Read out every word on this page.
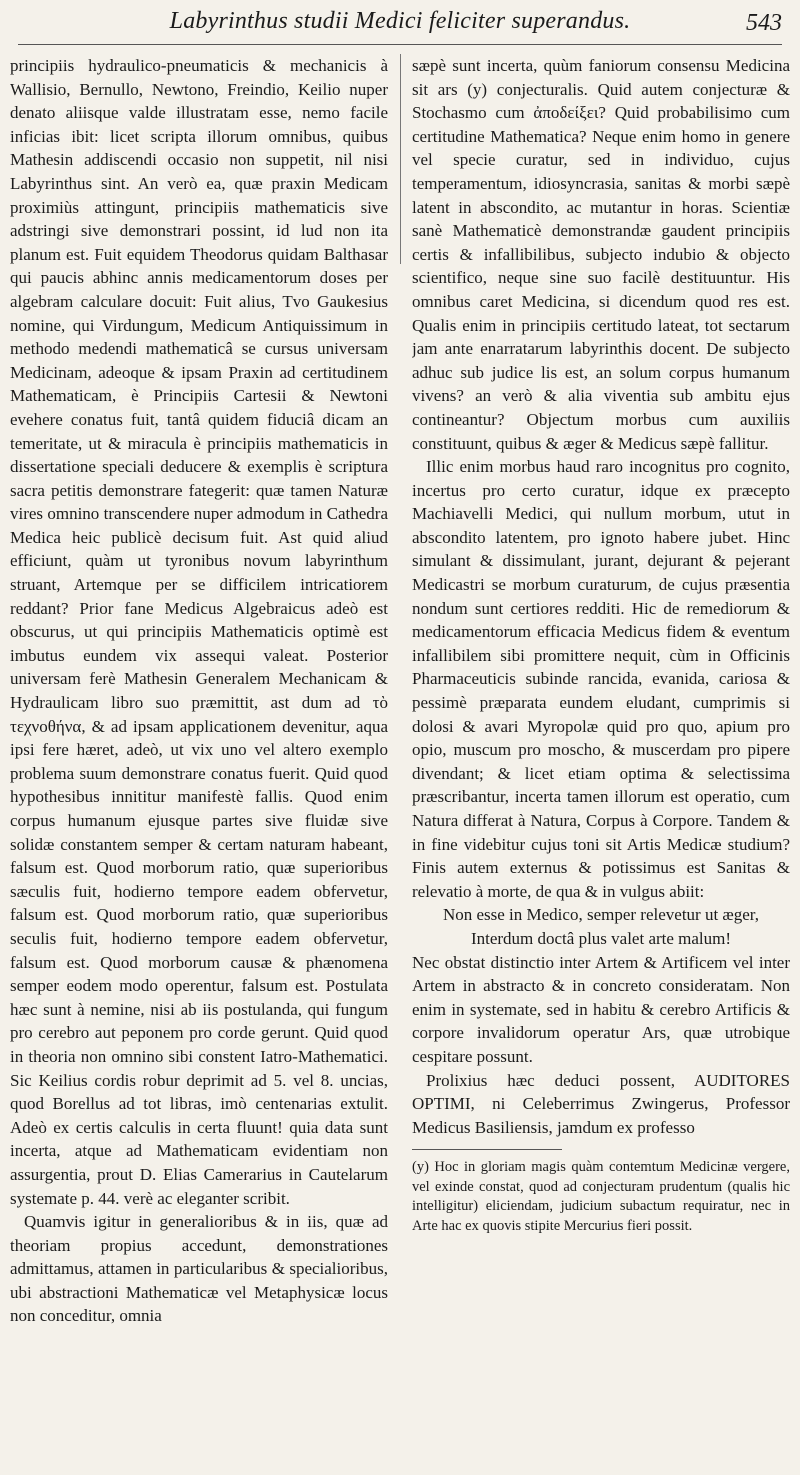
Labyrinthus studii Medici feliciter superandus.	543

principiis hydraulico-pneumaticis & mechanicis à Wallisio, Bernullo, Newtono, Freindio, Keilio nuper denato aliisque valde illustratam esse, nemo facile inficias ibit: licet scripta illorum omnibus, quibus Mathesin addiscendi occasio non suppetit, nil nisi Labyrinthus sint. An verò ea, quæ praxin Medicam proximiùs attingunt, principiis mathematicis sive adstringi sive demonstrari possint, id lud non ita planum est. Fuit equidem Theodorus quidam Balthasar qui paucis abhinc annis medicamentorum doses per algebram calculare docuit: Fuit alius, Tvo Gaukesius nomine, qui Virdungum, Medicum Antiquissimum in methodo medendi mathematicâ se cursus universam Medicinam, adeoque & ipsam Praxin ad certitudinem Mathematicam, è Principiis Cartesii & Newtoni evehere conatus fuit, tantâ quidem fiduciâ dicam an temeritate, ut & miracula è principiis mathematicis in dissertatione speciali deducere & exemplis è scriptura sacra petitis demonstrare fategerit: quæ tamen Naturæ vires omnino transcendere nuper admodum in Cathedra Medica heic publicè decisum fuit. Ast quid aliud efficiunt, quàm ut tyronibus novum labyrinthum struant, Artemque per se difficilem intricatiorem reddant? Prior fane Medicus Algebraicus adeò est obscurus, ut qui principiis Mathematicis optimè est imbutus eundem vix assequi valeat. Posterior universam ferè Mathesin Generalem Mechanicam & Hydraulicam libro suo præmittit, ast dum ad τὸ τεχνοθήνα, & ad ipsam applicationem devenitur, aqua ipsi fere hæret, adeò, ut vix uno vel altero exemplo problema suum demonstrare conatus fuerit. Quid quod hypothesibus innititur manifestè fallis. Quod enim corpus humanum ejusque partes sive fluidæ sive solidæ constantem semper & certam naturam habeant, falsum est. Quod morborum ratio, quæ superioribus sæculis fuit, hodierno tempore eadem obfervetur, falsum est. Quod morborum ratio, quæ superioribus seculis fuit, hodierno tempore eadem obfervetur, falsum est. Quod morborum causæ & phænomena semper eodem modo operentur, falsum est. Postulata hæc sunt à nemine, nisi ab iis postulanda, qui fungum pro cerebro aut peponem pro corde gerunt. Quid quod in theoria non omnino sibi constent Iatro-Mathematici. Sic Keilius cordis robur deprimit ad 5. vel 8. uncias, quod Borellus ad tot libras, imò centenarias extulit. Adeò ex certis calculis in certa fluunt! quia data sunt incerta, atque ad Mathematicam evidentiam non assurgentia, prout D. Elias Camerarius in Cautelarum systemate p. 44. verè ac eleganter scribit.

Quamvis igitur in generalioribus & in iis, quæ ad theoriam propius accedunt, demonstrationes admittamus, attamen in particularibus & specialioribus, ubi abstractioni Mathematicæ vel Metaphysicæ locus non conceditur, omnia

sæpè sunt incerta, quùm faniorum consensu Medicina sit ars (y) conjecturalis. Quid autem conjecturæ & Stochasmo cum ἀποδείξει? Quid probabilisimo cum certitudine Mathematica? Neque enim homo in genere vel specie curatur, sed in individuo, cujus temperamentum, idiosyncrasia, sanitas & morbi sæpè latent in abscondito, ac mutantur in horas. Scientiæ sanè Mathematicè demonstrandæ gaudent principiis certis & infallibilibus, subjecto indubio & objecto scientifico, neque sine suo facilè destituuntur. His omnibus caret Medicina, si dicendum quod res est. Qualis enim in principiis certitudo lateat, tot sectarum jam ante enarratarum labyrinthis docent. De subjecto adhuc sub judice lis est, an solum corpus humanum vivens? an verò & alia viventia sub ambitu ejus contineantur? Objectum morbus cum auxiliis constituunt, quibus & æger & Medicus sæpè fallitur.

Illic enim morbus haud raro incognitus pro cognito, incertus pro certo curatur, idque ex præcepto Machiavelli Medici, qui nullum morbum, utut in abscondito latentem, pro ignoto habere jubet. Hinc simulant & dissimulant, jurant, dejurant & pejerant Medicastri se morbum curaturum, de cujus præsentia nondum sunt certiores redditi. Hic de remediorum & medicamentorum efficacia Medicus fidem & eventum infallibilem sibi promittere nequit, cùm in Officinis Pharmaceuticis subinde rancida, evanida, cariosa & pessimè præparata eundem eludant, cumprimis si dolosi & avari Myropolæ quid pro quo, apium pro opio, muscum pro moscho, & muscerdam pro pipere divendant; & licet etiam optima & selectissima præscribantur, incerta tamen illorum est operatio, cum Natura differat à Natura, Corpus à Corpore. Tandem & in fine videbitur cujus toni sit Artis Medicæ studium? Finis autem externus & potissimus est Sanitas & relevatio à morte, de qua & in vulgus abiit:

Non esse in Medico, semper relevetur ut æger,

Interdum doctâ plus valet arte malum!

Nec obstat distinctio inter Artem & Artificem vel inter Artem in abstracto & in concreto consideratam. Non enim in systemate, sed in habitu & cerebro Artificis & corpore invalidorum operatur Ars, quæ utrobique cespitare possunt.

Prolixius hæc deduci possent, AUDITORES OPTIMI, ni Celeberrimus Zwingerus, Professor Medicus Basiliensis, jamdum ex professo

(y) Hoc in gloriam magis quàm contemtum Medicinæ vergere, vel exinde constat, quod ad conjecturam prudentum (qualis hic intelligitur) eliciendam, judicium subactum requiratur, nec in Arte hac ex quovis stipite Mercurius fieri possit.
